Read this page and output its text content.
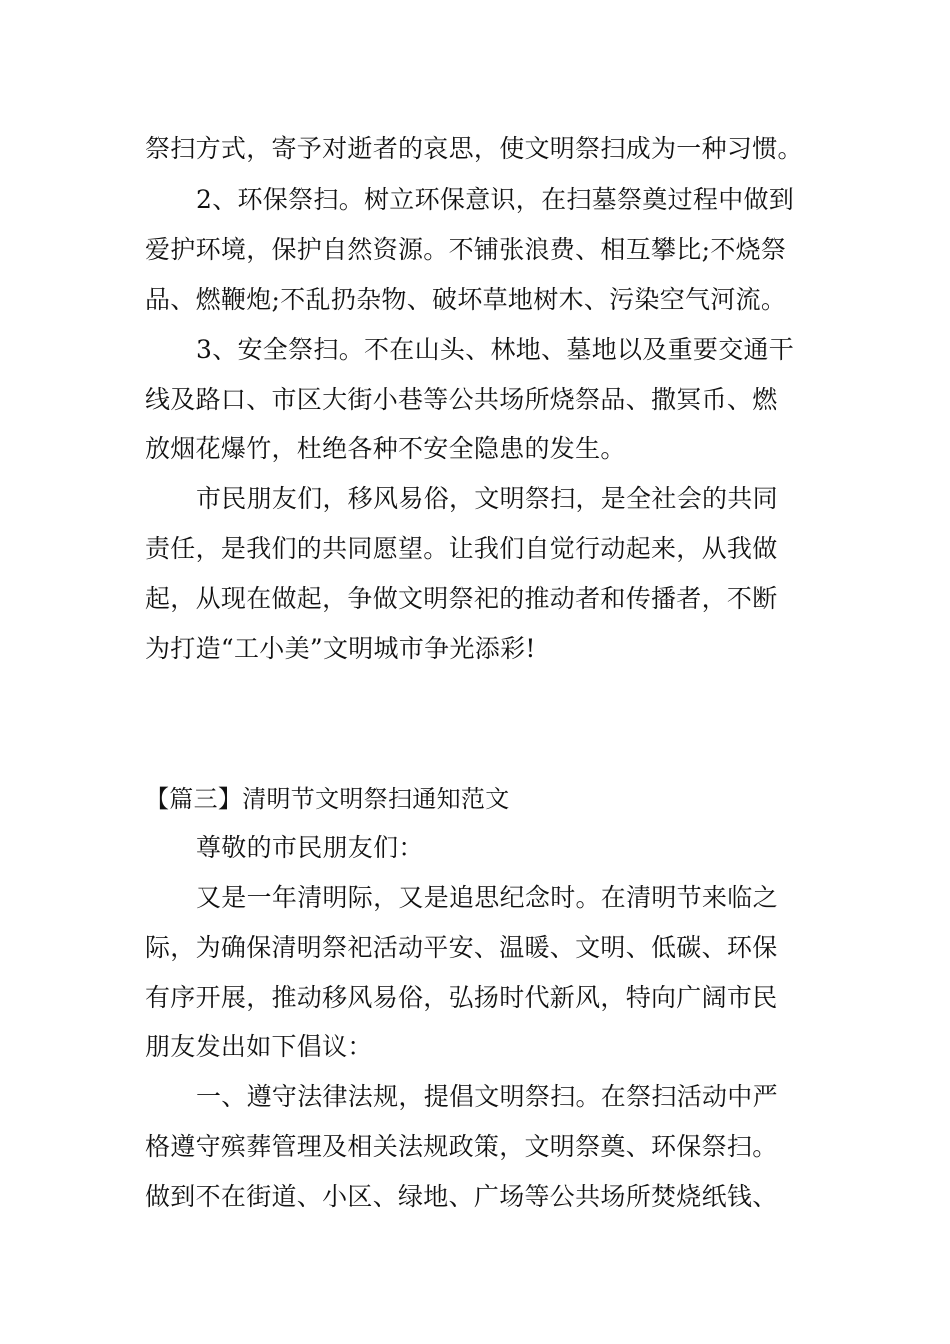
祭扫方式，寄予对逝者的哀思，使文明祭扫成为一种习惯。
2、环保祭扫。树立环保意识，在扫墓祭奠过程中做到
爱护环境，保护自然资源。不铺张浪费、相互攀比;不烧祭
品、燃鞭炮;不乱扔杂物、破坏草地树木、污染空气河流。
3、安全祭扫。不在山头、林地、墓地以及重要交通干
线及路口、市区大街小巷等公共场所烧祭品、撒冥币、燃
放烟花爆竹，杜绝各种不安全隐患的发生。
市民朋友们，移风易俗，文明祭扫，是全社会的共同
责任，是我们的共同愿望。让我们自觉行动起来，从我做
起，从现在做起，争做文明祭祀的推动者和传播者，不断
为打造“工小美”文明城市争光添彩!
【篇三】清明节文明祭扫通知范文
尊敬的市民朋友们：
又是一年清明际，又是追思纪念时。在清明节来临之
际，为确保清明祭祀活动平安、温暖、文明、低碳、环保
有序开展，推动移风易俗，弘扬时代新风，特向广阔市民
朋友发出如下倡议：
一、遵守法律法规，提倡文明祭扫。在祭扫活动中严
格遵守殡葬管理及相关法规政策，文明祭奠、环保祭扫。
做到不在街道、小区、绿地、广场等公共场所焚烧纸钱、
